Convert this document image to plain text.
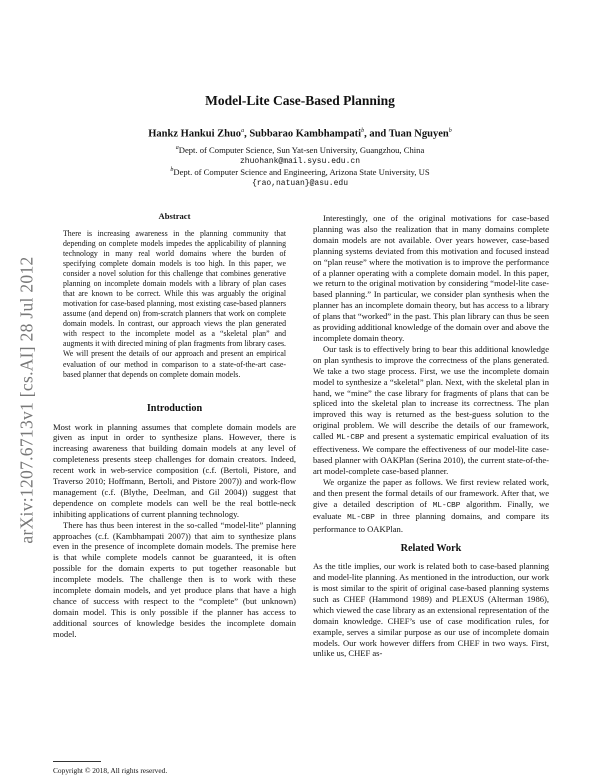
arXiv:1207.6713v1 [cs.AI] 28 Jul 2012
Model-Lite Case-Based Planning
Hankz Hankui Zhuo$^a$, Subbarao Kambhampati$^b$, and Tuan Nguyen$^b$
$^a$Dept. of Computer Science, Sun Yat-sen University, Guangzhou, China
zhuohank@mail.sysu.edu.cn
$^b$Dept. of Computer Science and Engineering, Arizona State University, US
{rao,natuan}@asu.edu
Abstract

There is increasing awareness in the planning community that depending on complete models impedes the applicability of planning technology in many real world domains where the burden of specifying complete domain models is too high. In this paper, we consider a novel solution for this challenge that combines generative planning on incomplete domain models with a library of plan cases that are known to be correct. While this was arguably the original motivation for case-based planning, most existing case-based planners assume (and depend on) from-scratch planners that work on complete domain models. In contrast, our approach views the plan generated with respect to the incomplete model as a “skeletal plan” and augments it with directed mining of plan fragments from library cases. We will present the details of our approach and present an empirical evaluation of our method in comparison to a state-of-the-art case-based planner that depends on complete domain models.

Introduction

Most work in planning assumes that complete domain models are given as input in order to synthesize plans. However, there is increasing awareness that building domain models at any level of completeness presents steep challenges for domain creators. Indeed, recent work in web-service composition (c.f. (Bertoli, Pistore, and Traverso 2010; Hoffmann, Bertoli, and Pistore 2007)) and work-flow management (c.f. (Blythe, Deelman, and Gil 2004)) suggest that dependence on complete models can well be the real bottle-neck inhibiting applications of current planning technology.

There has thus been interest in the so-called “model-lite” planning approaches (c.f. (Kambhampati 2007)) that aim to synthesize plans even in the presence of incomplete domain models. The premise here is that while complete models cannot be guaranteed, it is often possible for the domain experts to put together reasonable but incomplete models. The challenge then is to work with these incomplete domain models, and yet produce plans that have a high chance of success with respect to the “complete” (but unknown) domain model. This is only possible if the planner has access to additional sources of knowledge besides the incomplete domain model.

Copyright © 2018, All rights reserved.

Interestingly, one of the original motivations for case-based planning was also the realization that in many domains complete domain models are not available. Over years however, case-based planning systems deviated from this motivation and focused instead on “plan reuse” where the motivation is to improve the performance of a planner operating with a complete domain model. In this paper, we return to the original motivation by considering “model-lite case-based planning.” In particular, we consider plan synthesis when the planner has an incomplete domain theory, but has access to a library of plans that “worked” in the past. This plan library can thus be seen as providing additional knowledge of the domain over and above the incomplete domain theory.

Our task is to effectively bring to bear this additional knowledge on plan synthesis to improve the correctness of the plans generated. We take a two stage process. First, we use the incomplete domain model to synthesize a “skeletal” plan. Next, with the skeletal plan in hand, we “mine” the case library for fragments of plans that can be spliced into the skeletal plan to increase its correctness. The plan improved this way is returned as the best-guess solution to the original problem. We will describe the details of our framework, called ML-CBP and present a systematic empirical evaluation of its effectiveness. We compare the effectiveness of our model-lite case-based planner with OAKPlan (Serina 2010), the current state-of-the-art model-complete case-based planner.

We organize the paper as follows. We first review related work, and then present the formal details of our framework. After that, we give a detailed description of ML-CBP algorithm. Finally, we evaluate ML-CBP in three planning domains, and compare its performance to OAKPlan.

Related Work

As the title implies, our work is related both to case-based planning and model-lite planning. As mentioned in the introduction, our work is most similar to the spirit of original case-based planning systems such as CHEF (Hammond 1989) and PLEXUS (Alterman 1986), which viewed the case library as an extensional representation of the domain knowledge. CHEF’s use of case modification rules, for example, serves a similar purpose as our use of incomplete domain models. Our work however differs from CHEF in two ways. First, unlike us, CHEF as-
